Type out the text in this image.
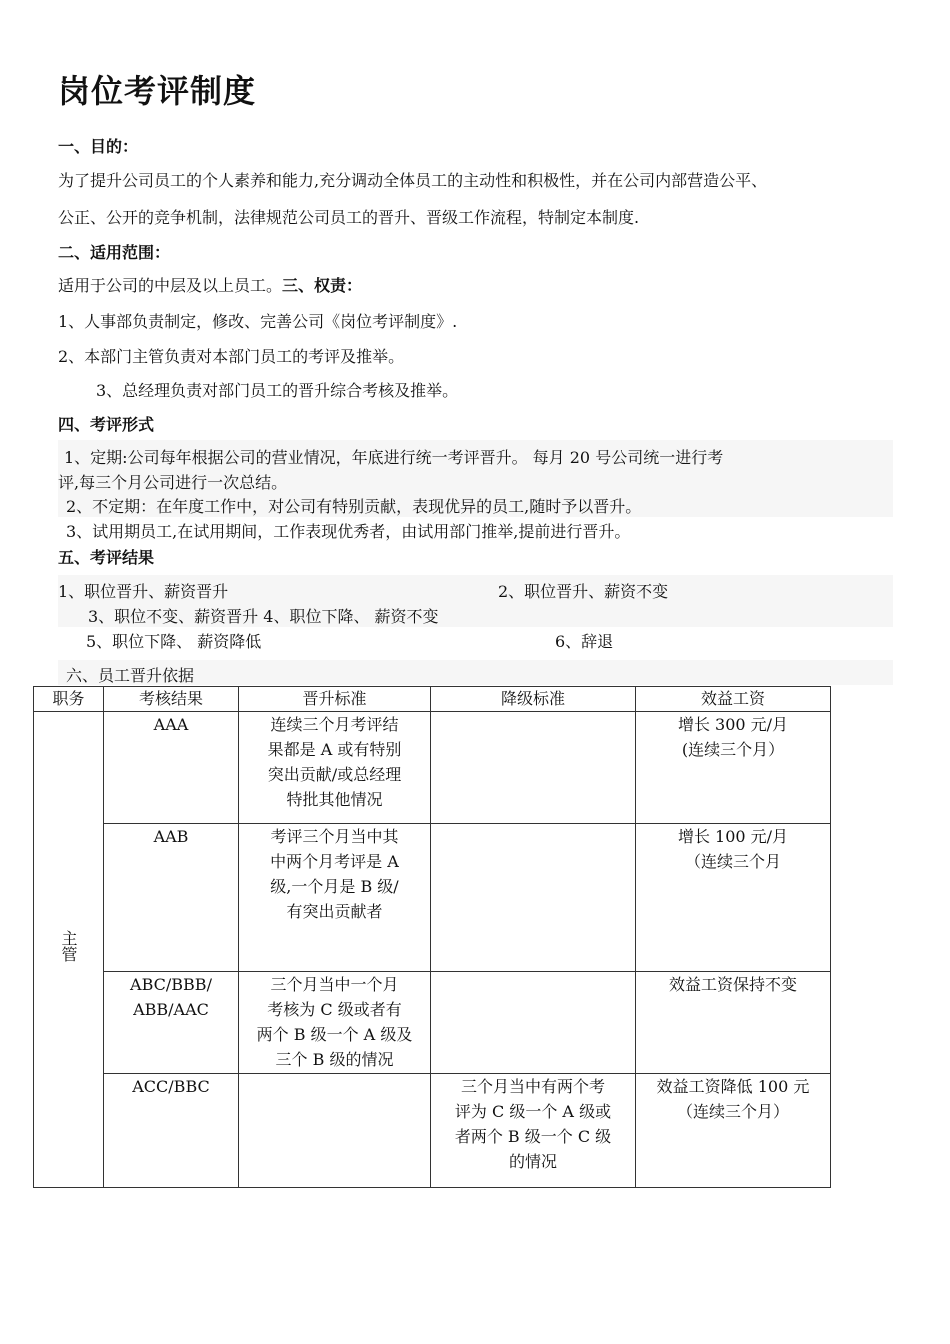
岗位考评制度
一、目的：
为了提升公司员工的个人素养和能力,充分调动全体员工的主动性和积极性，并在公司内部营造公平、
公正、公开的竞争机制，法律规范公司员工的晋升、晋级工作流程，特制定本制度.
二、适用范围：
适用于公司的中层及以上员工。三、权责：
1、人事部负责制定，修改、完善公司《岗位考评制度》.
2、本部门主管负责对本部门员工的考评及推举。
3、总经理负责对部门员工的晋升综合考核及推举。
四、考评形式
1、定期:公司每年根据公司的营业情况，年底进行统一考评晋升。 每月 20 号公司统一进行考
评,每三个月公司进行一次总结。
2、不定期：在年度工作中，对公司有特别贡献，表现优异的员工,随时予以晋升。
3、试用期员工,在试用期间，工作表现优秀者，由试用部门推举,提前进行晋升。
五、考评结果
1、职位晋升、薪资晋升	2、职位晋升、薪资不变
3、职位不变、薪资晋升 4、职位下降、 薪资不变
5、职位下降、 薪资降低	6、辞退
六、员工晋升依据
职务	考核结果	晋升标准	降级标准	效益工资
主管	AAA	连续三个月考评结
果都是 A 或有特别
突出贡献/或总经理
特批其他情况		增长 300 元/月
(连续三个月）

	AAB	考评三个月当中其
中两个月考评是 A
级,一个月是 B 级/
有突出贡献者		增长 100 元/月
（连续三个月

	ABC/BBB/
ABB/AAC	三个月当中一个月
考核为 C 级或者有
两个 B 级一个 A 级及
三个 B 级的情况		效益工资保持不变

	ACC/BBC		三个月当中有两个考
评为 C 级一个 A 级或
者两个 B 级一个 C 级
的情况	效益工资降低 100 元
（连续三个月）
